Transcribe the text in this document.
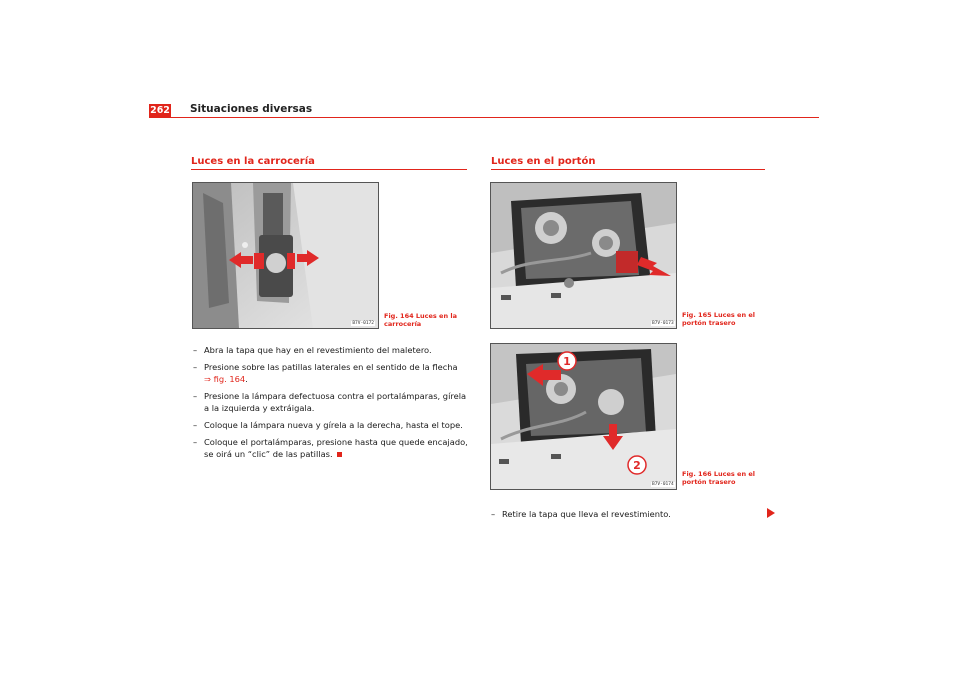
262 Situaciones diversas
Luces en la carrocería
B7V-0172
Fig. 164 Luces en la
carrocería
– Abra la tapa que hay en el revestimiento del maletero.
– Presione sobre las patillas laterales en el sentido de la flecha
⇒ fig. 164.
– Presione la lámpara defectuosa contra el portalámparas, gírela a la izquierda y extráigala.
– Coloque la lámpara nueva y gírela a la derecha, hasta el tope.
– Coloque el portalámparas, presione hasta que quede encajado, se oirá un “clic” de las patillas.
Luces en el portón
B7V-0173
Fig. 165 Luces en el
portón trasero
1
2
B7V-0174
Fig. 166 Luces en el
portón trasero
– Retire la tapa que lleva el revestimiento.
